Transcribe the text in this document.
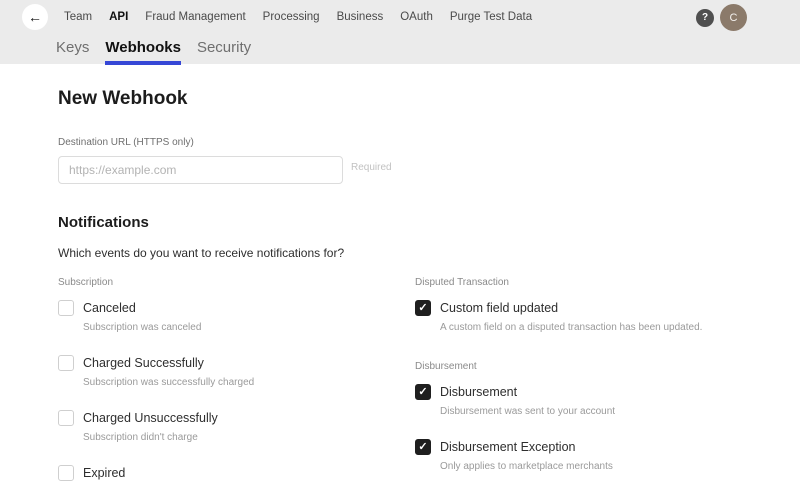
← Team API Fraud Management Processing Business OAuth Purge Test Data	?	C
Keys Webhooks Security
New Webhook
Destination URL (HTTPS only)
https://example.com
Required
Notifications
Which events do you want to receive notifications for?
Subscription
Canceled
Subscription was canceled
Charged Successfully
Subscription was successfully charged
Charged Unsuccessfully
Subscription didn't charge
Expired
Disputed Transaction
✓
Custom field updated
A custom field on a disputed transaction has been updated.
Disbursement
✓
Disbursement
Disbursement was sent to your account
✓
Disbursement Exception
Only applies to marketplace merchants
